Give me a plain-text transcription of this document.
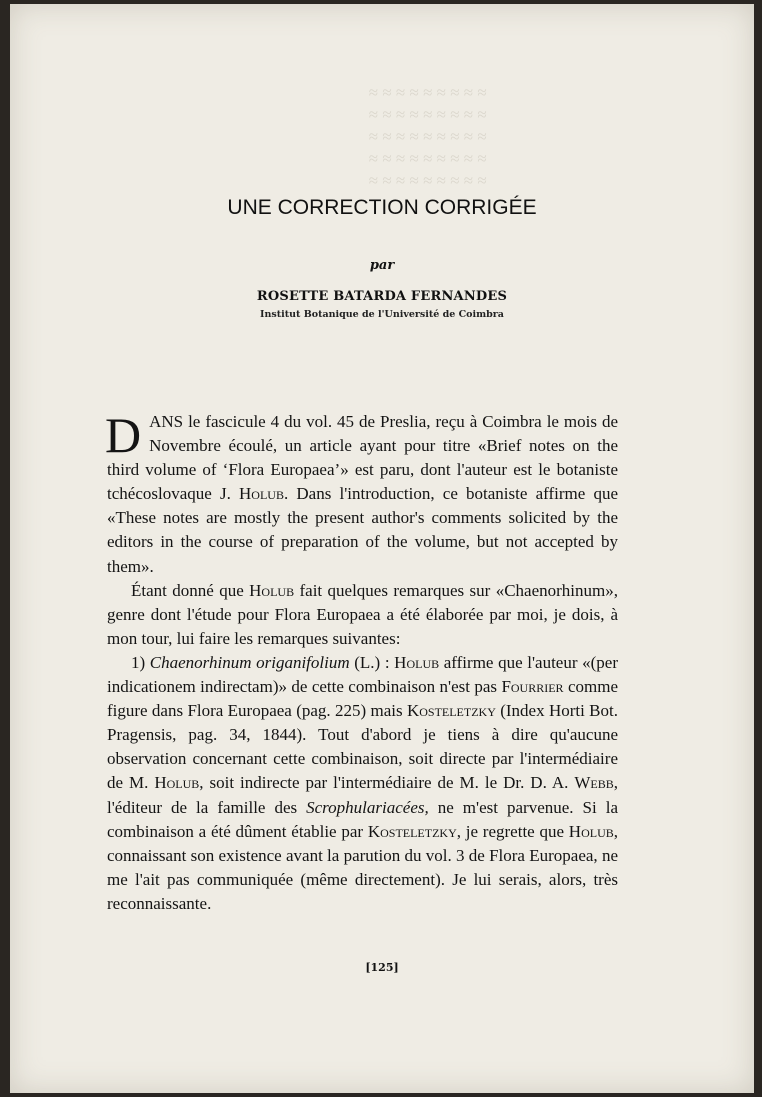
≈ ≈ ≈ ≈ ≈ ≈ ≈ ≈ ≈
≈ ≈ ≈ ≈ ≈ ≈ ≈ ≈ ≈
≈ ≈ ≈ ≈ ≈ ≈ ≈ ≈ ≈
≈ ≈ ≈ ≈ ≈ ≈ ≈ ≈ ≈
≈ ≈ ≈ ≈ ≈ ≈ ≈ ≈ ≈
UNE CORRECTION CORRIGÉE
par
ROSETTE BATARDA FERNANDES
Institut Botanique de l'Université de Coimbra

DANS le fascicule 4 du vol. 45 de Preslia, reçu à Coimbra le mois de Novembre écoulé, un article ayant pour titre «Brief notes on the third volume of ‘Flora Europaea’» est paru, dont l'auteur est le botaniste tchécoslovaque J. Holub. Dans l'introduction, ce botaniste affirme que «These notes are mostly the present author's comments solicited by the editors in the course of preparation of the volume, but not accepted by them».

Étant donné que Holub fait quelques remarques sur «Chaenorhinum», genre dont l'étude pour Flora Europaea a été élaborée par moi, je dois, à mon tour, lui faire les remarques suivantes:

1) Chaenorhinum origanifolium (L.) : Holub affirme que l'auteur «(per indicationem indirectam)» de cette combinaison n'est pas Fourrier comme figure dans Flora Europaea (pag. 225) mais Kosteletzky (Index Horti Bot. Pragensis, pag. 34, 1844). Tout d'abord je tiens à dire qu'aucune observation concernant cette combinaison, soit directe par l'intermédiaire de M. Holub, soit indirecte par l'intermédiaire de M. le Dr. D. A. Webb, l'éditeur de la famille des Scrophulariacées, ne m'est parvenue. Si la combinaison a été dûment établie par Kosteletzky, je regrette que Holub, connaissant son existence avant la parution du vol. 3 de Flora Europaea, ne me l'ait pas communiquée (même directement). Je lui serais, alors, très reconnaissante.

[125]
